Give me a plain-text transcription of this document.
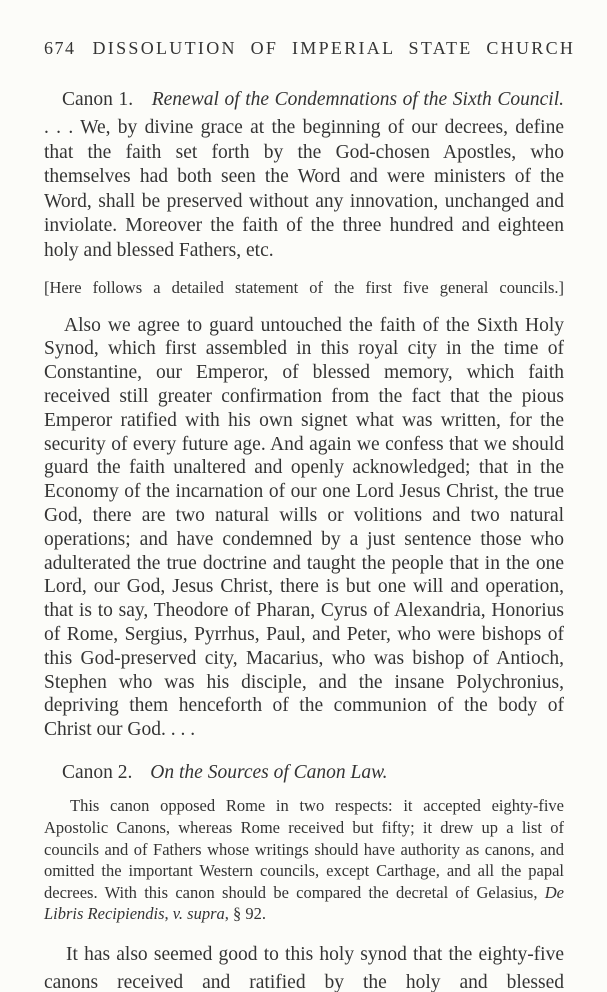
674 DISSOLUTION OF IMPERIAL STATE CHURCH
Canon 1. Renewal of the Condemnations of the Sixth Council.

. . . We, by divine grace at the beginning of our decrees, define that the faith set forth by the God-chosen Apostles, who themselves had both seen the Word and were ministers of the Word, shall be preserved without any innovation, unchanged and inviolate. Moreover the faith of the three hundred and eighteen holy and blessed Fathers, etc.

[Here follows a detailed statement of the first five general councils.]

Also we agree to guard untouched the faith of the Sixth Holy Synod, which first assembled in this royal city in the time of Constantine, our Emperor, of blessed memory, which faith received still greater confirmation from the fact that the pious Emperor ratified with his own signet what was written, for the security of every future age. And again we confess that we should guard the faith unaltered and openly acknowledged; that in the Economy of the incarnation of our one Lord Jesus Christ, the true God, there are two natural wills or volitions and two natural operations; and have condemned by a just sentence those who adulterated the true doctrine and taught the people that in the one Lord, our God, Jesus Christ, there is but one will and operation, that is to say, Theodore of Pharan, Cyrus of Alexandria, Honorius of Rome, Sergius, Pyrrhus, Paul, and Peter, who were bishops of this God-preserved city, Macarius, who was bishop of Antioch, Stephen who was his disciple, and the insane Polychronius, depriving them henceforth of the communion of the body of Christ our God. . . .

Canon 2. On the Sources of Canon Law.

This canon opposed Rome in two respects: it accepted eighty-five Apostolic Canons, whereas Rome received but fifty; it drew up a list of councils and of Fathers whose writings should have authority as canons, and omitted the important Western councils, except Carthage, and all the papal decrees. With this canon should be compared the decretal of Gelasius, De Libris Recipiendis, v. supra, § 92.

It has also seemed good to this holy synod that the eighty-five canons received and ratified by the holy and blessed
